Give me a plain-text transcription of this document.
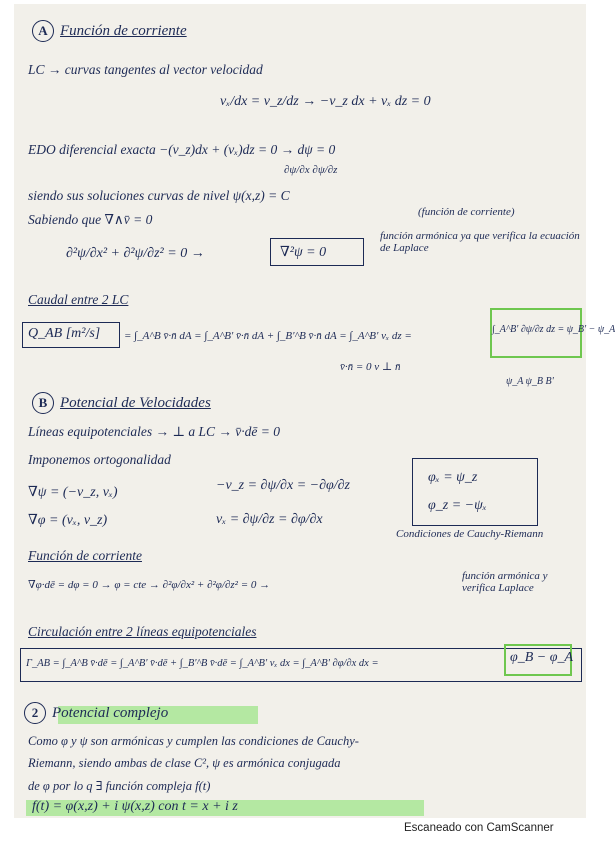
A Función de corriente
LC → curvas tangentes al vector velocidad
vₓ/dx = v_z/dz → −v_z dx + vₓ dz = 0
EDO diferencial exacta −(v_z)dx + (vₓ)dz = 0 → dψ = 0
∂ψ/∂x ∂ψ/∂z
siendo sus soluciones curvas de nivel ψ(x,z) = C
(función de corriente)
Sabiendo que ∇∧v̄ = 0
∂²ψ/∂x² + ∂²ψ/∂z² = 0 →	∇²ψ = 0
función armónica ya que verifica la ecuación de Laplace
Caudal entre 2 LC
Q_AB [m²/s] = ∫_A^B v̄·n̄ dA = ∫_A^B' v̄·n̄ dA + ∫_B'^B v̄·n̄ dA = ∫_A^B' vₓ dz =
∫_A^B' ∂ψ/∂z dz = ψ_B' − ψ_A
v̄·n̄ = 0 v ⊥ n̄
ψ_A ψ_B B'
B Potencial de Velocidades
Líneas equipotenciales → ⊥ a LC → v̄·dē = 0
Imponemos ortogonalidad
∇ψ = (−v_z, vₓ)	−v_z = ∂ψ/∂x = −∂φ/∂z
∇φ = (vₓ, v_z)	vₓ = ∂ψ/∂z = ∂φ/∂x
φₓ = ψ_z
φ_z = −ψₓ
Condiciones de Cauchy-Riemann
Función de corriente
∇φ·dē = dφ = 0 → φ = cte → ∂²φ/∂x² + ∂²φ/∂z² = 0 →
función armónica y verifica Laplace
Circulación entre 2 líneas equipotenciales
Γ_AB = ∫_A^B v̄·dē = ∫_A^B' v̄·dē + ∫_B'^B v̄·dē = ∫_A^B' vₓ dx = ∫_A^B' ∂φ/∂x dx =	φ_B − φ_A
2 Potencial complejo
Como φ y ψ son armónicas y cumplen las condiciones de Cauchy-
Riemann, siendo ambas de clase C², ψ es armónica conjugada
de φ por lo q ∃ función compleja f(t)
f(t) = φ(x,z) + i ψ(x,z) con t = x + i z
Escaneado con CamScanner
